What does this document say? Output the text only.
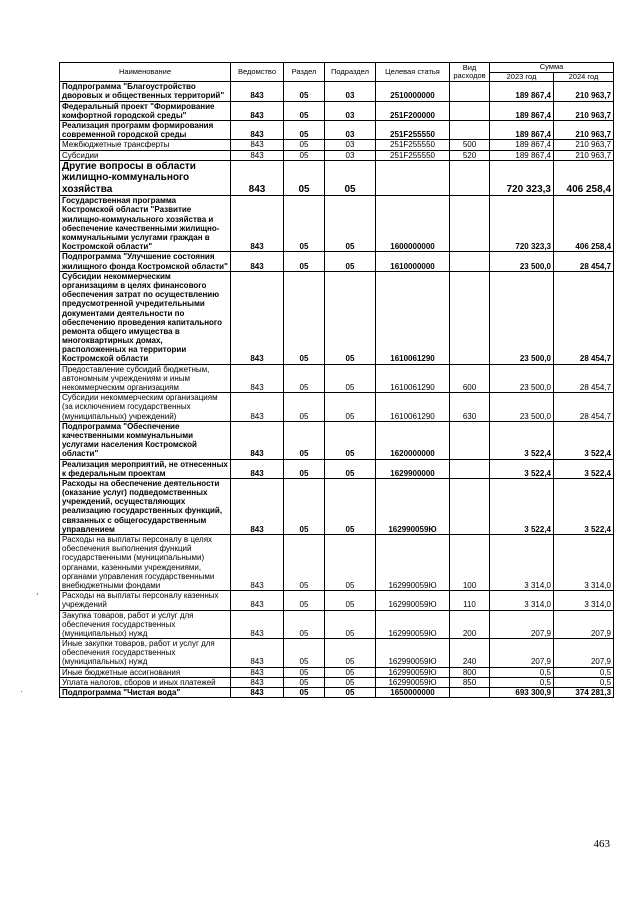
Наименование	Ведомство	Раздел	Подраздел	Целевая статья	Вид расходов	Сумма	
						2023 год	2024 год
Подпрограмма "Благоустройство дворовых и общественных территорий"	843	05	03	2510000000		189 867,4	210 963,7
Федеральный проект "Формирование комфортной городской среды"	843	05	03	251F200000		189 867,4	210 963,7
Реализация программ формирования современной городской среды	843	05	03	251F255550		189 867,4	210 963,7
Межбюджетные трансферты	843	05	03	251F255550	500	189 867,4	210 963,7
Субсидии	843	05	03	251F255550	520	189 867,4	210 963,7
Другие вопросы в области жилищно-коммунального хозяйства	843	05	05			720 323,3	406 258,4
Государственная программа Костромской области "Развитие жилищно-коммунального хозяйства и обеспечение качественными жилищно-коммунальными услугами граждан в Костромской области"	843	05	05	1600000000		720 323,3	406 258,4
Подпрограмма "Улучшение состояния жилищного фонда Костромской области"	843	05	05	1610000000		23 500,0	28 454,7
Субсидии некоммерческим организациям в целях финансового обеспечения затрат по осуществлению предусмотренной учредительными документами деятельности по обеспечению проведения капитального ремонта общего имущества в многоквартирных домах, расположенных на территории Костромской области	843	05	05	1610061290		23 500,0	28 454,7
Предоставление субсидий бюджетным, автономным учреждениям и иным некоммерческим организациям	843	05	05	1610061290	600	23 500,0	28 454,7
Субсидии некоммерческим организациям (за исключением государственных (муниципальных) учреждений)	843	05	05	1610061290	630	23 500,0	28 454,7
Подпрограмма "Обеспечение качественными коммунальными услугами населения Костромской области"	843	05	05	1620000000		3 522,4	3 522,4
Реализация мероприятий, не отнесенных к федеральным проектам	843	05	05	1629900000		3 522,4	3 522,4
Расходы на обеспечение деятельности (оказание услуг) подведомственных учреждений, осуществляющих реализацию государственных функций, связанных с общегосударственным управлением	843	05	05	162990059Ю		3 522,4	3 522,4
Расходы на выплаты персоналу в целях обеспечения выполнения функций государственными (муниципальными) органами, казенными учреждениями, органами управления государственными внебюджетными фондами	843	05	05	162990059Ю	100	3 314,0	3 314,0
Расходы на выплаты персоналу казенных учреждений	843	05	05	162990059Ю	110	3 314,0	3 314,0
Закупка товаров, работ и услуг для обеспечения государственных (муниципальных) нужд	843	05	05	162990059Ю	200	207,9	207,9
Иные закупки товаров, работ и услуг для обеспечения государственных (муниципальных) нужд	843	05	05	162990059Ю	240	207,9	207,9
Иные бюджетные ассигнования	843	05	05	162990059Ю	800	0,5	0,5
Уплата налогов, сборов и иных платежей	843	05	05	162990059Ю	850	0,5	0,5
Подпрограмма "Чистая вода"	843	05	05	1650000000		693 300,9	374 281,3
463
,
·
